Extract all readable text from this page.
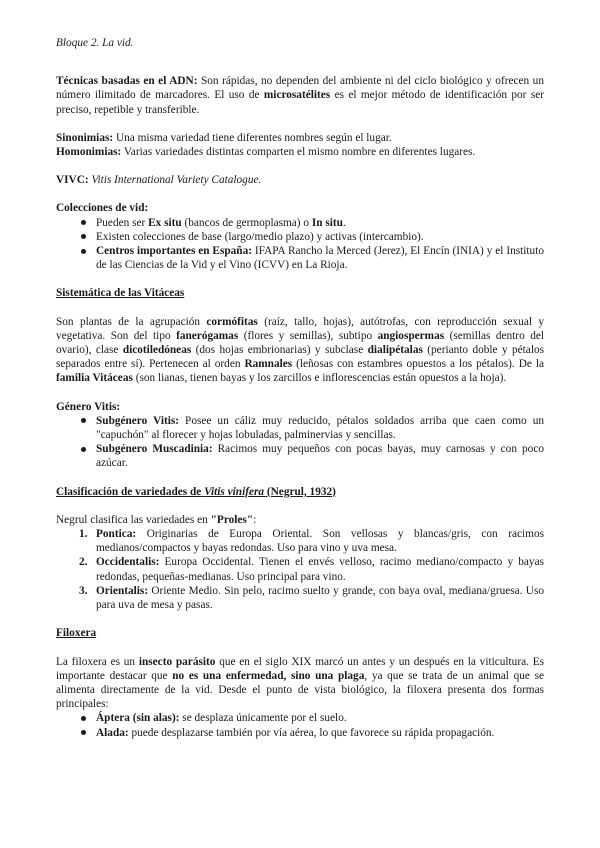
Bloque 2. La vid.

Técnicas basadas en el ADN: Son rápidas, no dependen del ambiente ni del ciclo biológico y ofrecen un número ilimitado de marcadores. El uso de microsatélites es el mejor método de identificación por ser preciso, repetible y transferible.

Sinonimias: Una misma variedad tiene diferentes nombres según el lugar.

Homonimias: Varias variedades distintas comparten el mismo nombre en diferentes lugares.

VIVC: Vitis International Variety Catalogue.

Colecciones de vid:
Pueden ser Ex situ (bancos de germoplasma) o In situ.
Existen colecciones de base (largo/medio plazo) y activas (intercambio).
Centros importantes en España: IFAPA Rancho la Merced (Jerez), El Encín (INIA) y el Instituto de las Ciencias de la Vid y el Vino (ICVV) en La Rioja.
Sistemática de las Vitáceas

Son plantas de la agrupación cormófitas (raíz, tallo, hojas), autótrofas, con reproducción sexual y vegetativa. Son del tipo fanerógamas (flores y semillas), subtipo angiospermas (semillas dentro del ovario), clase dicotiledóneas (dos hojas embrionarias) y subclase dialipétalas (perianto doble y pétalos separados entre sí). Pertenecen al orden Ramnales (leñosas con estambres opuestos a los pétalos). De la familia Vitáceas (son lianas, tienen bayas y los zarcillos e inflorescencias están opuestos a la hoja).

Género Vitis:
Subgénero Vitis: Posee un cáliz muy reducido, pétalos soldados arriba que caen como un "capuchón" al florecer y hojas lobuladas, palminervias y sencillas.
Subgénero Muscadinia: Racimos muy pequeños con pocas bayas, muy carnosas y con poco azúcar.
Clasificación de variedades de Vitis vinifera (Negrul, 1932)

Negrul clasifica las variedades en "Proles":

1. Pontica: Originarias de Europa Oriental. Son vellosas y blancas/gris, con racimos medianos/compactos y bayas redondas. Uso para vino y uva mesa.
2. Occidentalis: Europa Occidental. Tienen el envés velloso, racimo mediano/compacto y bayas redondas, pequeñas-medianas. Uso principal para vino.
3. Orientalis: Oriente Medio. Sin pelo, racimo suelto y grande, con baya oval, mediana/gruesa. Uso para uva de mesa y pasas.
Filoxera

La filoxera es un insecto parásito que en el siglo XIX marcó un antes y un después en la viticultura. Es importante destacar que no es una enfermedad, sino una plaga, ya que se trata de un animal que se alimenta directamente de la vid. Desde el punto de vista biológico, la filoxera presenta dos formas principales:

Áptera (sin alas): se desplaza únicamente por el suelo.
Alada: puede desplazarse también por vía aérea, lo que favorece su rápida propagación.
